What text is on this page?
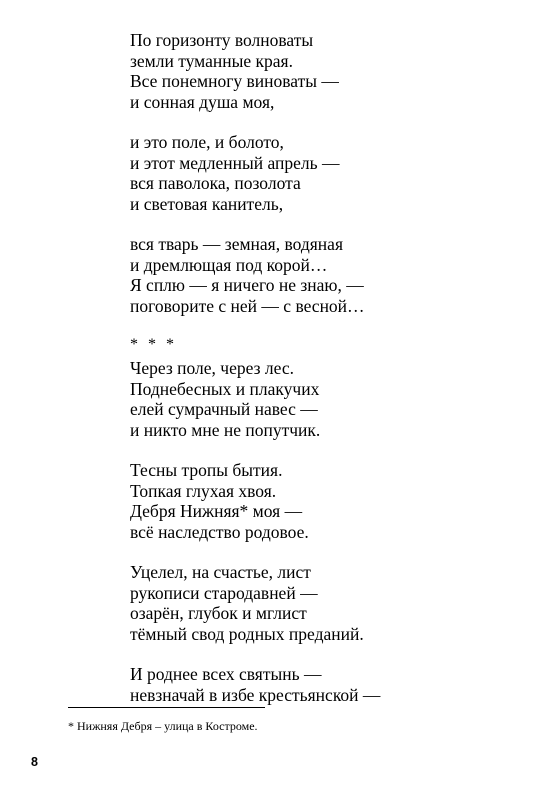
По горизонту волноваты
земли туманные края.
Все понемногу виноваты —
и сонная душа моя,
и это поле, и болото,
и этот медленный апрель —
вся паволока, позолота
и световая канитель,
вся тварь — земная, водяная
и дремлющая под корой…
Я сплю — я ничего не знаю, —
поговорите с ней — с весной…
* * *
Через поле, через лес.
Поднебесных и плакучих
елей сумрачный навес —
и никто мне не попутчик.
Тесны тропы бытия.
Топкая глухая хвоя.
Дебря Нижняя* моя —
всё наследство родовое.
Уцелел, на счастье, лист
рукописи стародавней —
озарён, глубок и мглист
тёмный свод родных преданий.
И роднее всех святынь —
невзначай в избе крестьянской —
* Нижняя Дебря – улица в Костроме.
8
